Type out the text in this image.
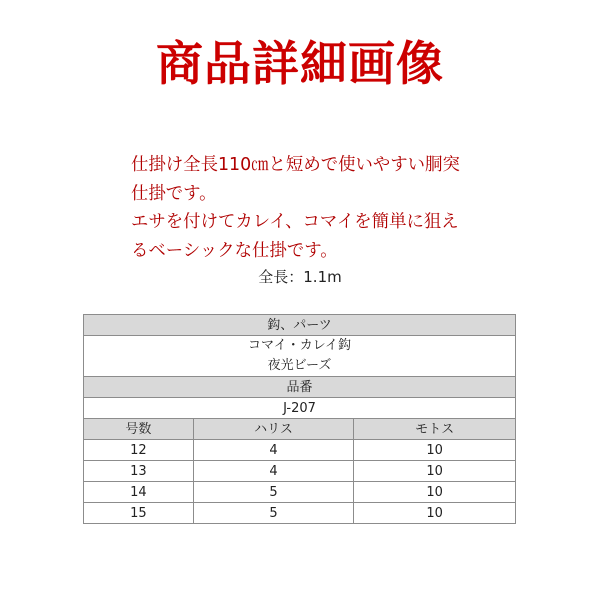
商品詳細画像

仕掛け全長110㎝と短めで使いやすい胴突
仕掛です。
エサを付けてカレイ、コマイを簡単に狙え
るベーシックな仕掛です。

全長：1.1m
鈎、パーツ		

コマイ・カレイ鈎
夜光ビーズ		

品番		
J-207		
号数	ハリス	モトス
12	4	10
13	4	10
14	5	10
15	5	10
